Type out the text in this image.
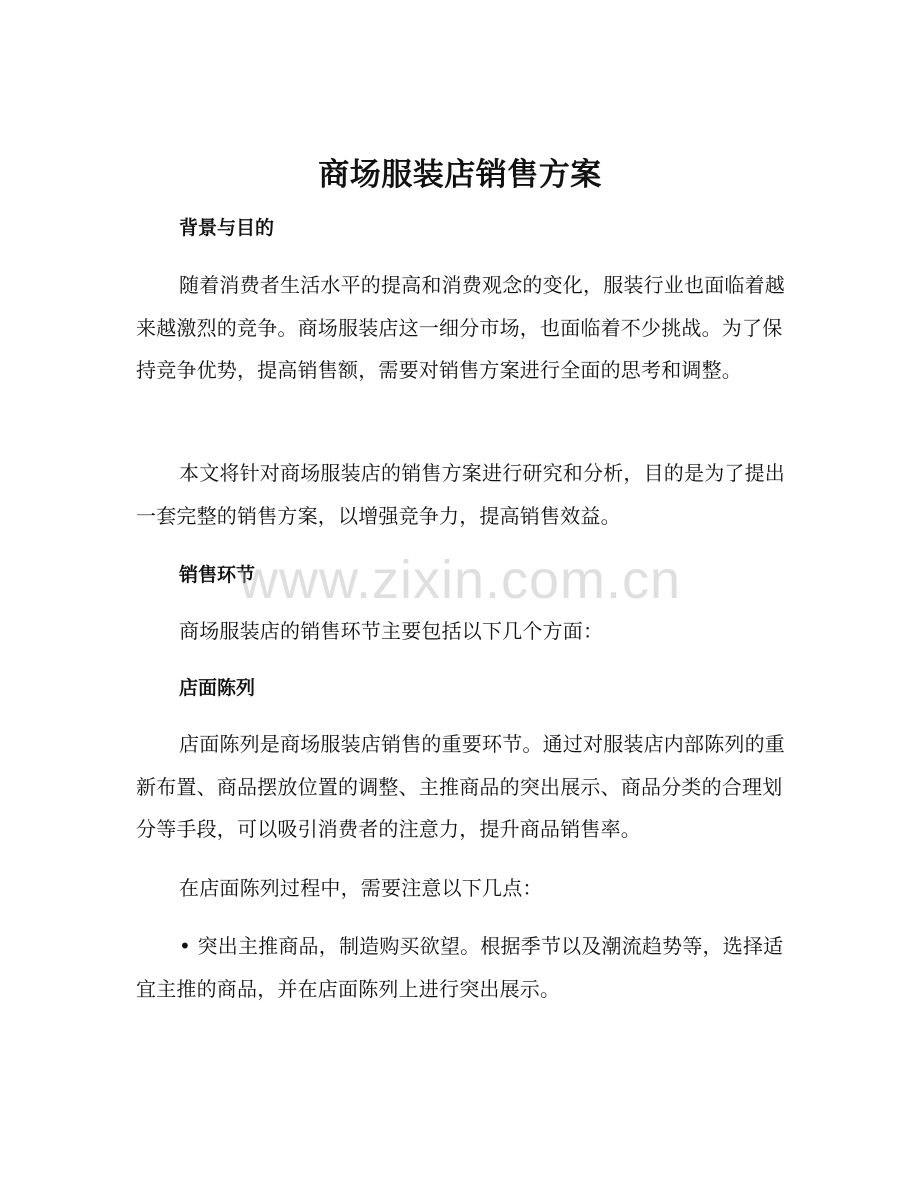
商场服装店销售方案
背景与目的
随着消费者生活水平的提高和消费观念的变化，服装行业也面临着越来越激烈的竞争。商场服装店这一细分市场，也面临着不少挑战。为了保持竞争优势，提高销售额，需要对销售方案进行全面的思考和调整。
本文将针对商场服装店的销售方案进行研究和分析，目的是为了提出一套完整的销售方案，以增强竞争力，提高销售效益。
销售环节
商场服装店的销售环节主要包括以下几个方面：
店面陈列
店面陈列是商场服装店销售的重要环节。通过对服装店内部陈列的重新布置、商品摆放位置的调整、主推商品的突出展示、商品分类的合理划分等手段，可以吸引消费者的注意力，提升商品销售率。
在店面陈列过程中，需要注意以下几点：
• 突出主推商品，制造购买欲望。根据季节以及潮流趋势等，选择适宜主推的商品，并在店面陈列上进行突出展示。
www.zixin.com.cn
